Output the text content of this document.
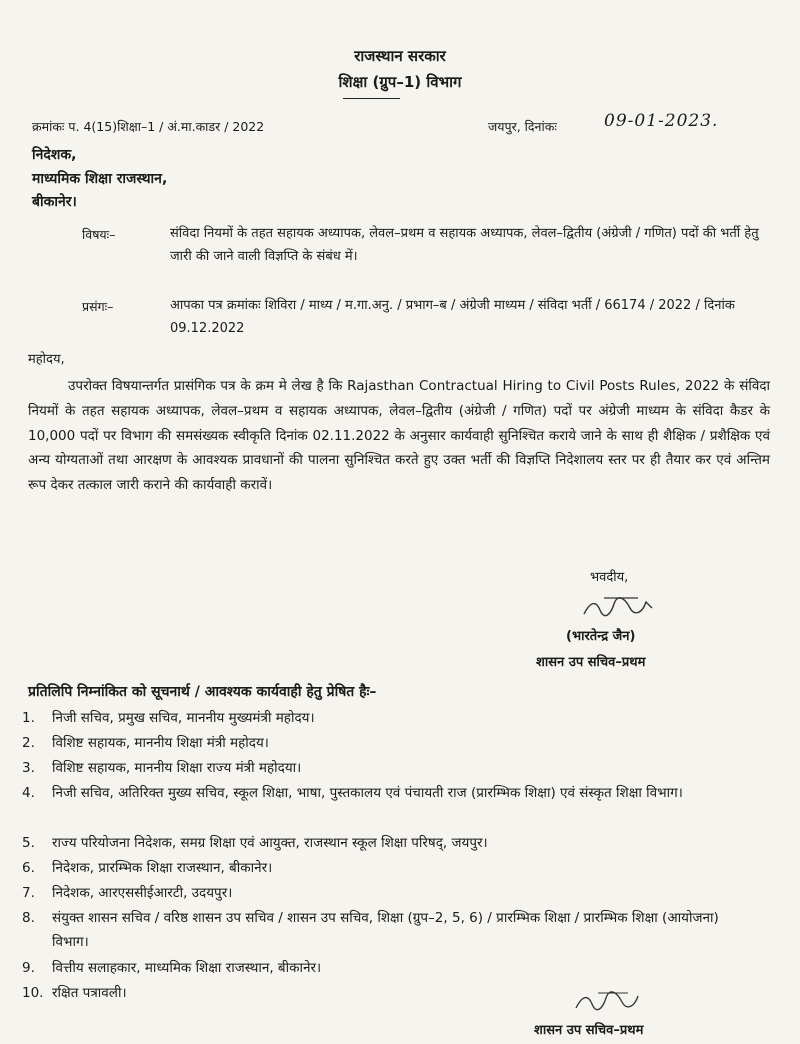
राजस्थान सरकार
शिक्षा (ग्रुप–1) विभाग
क्रमांकः प. 4(15)शिक्षा–1 / अं.मा.काडर / 2022	जयपुर, दिनांकः	09-01-2023.
निदेशक,
माध्यमिक शिक्षा राजस्थान,
बीकानेर।
विषयः–	संविदा नियमों के तहत सहायक अध्यापक, लेवल–प्रथम व सहायक अध्यापक, लेवल–द्वितीय (अंग्रेजी / गणित) पदों की भर्ती हेतु जारी की जाने वाली विज्ञप्ति के संबंध में।
प्रसंगः–	आपका पत्र क्रमांकः शिविरा / माध्य / म.गा.अनु. / प्रभाग–ब / अंग्रेजी माध्यम / संविदा भर्ती / 66174 / 2022 / दिनांक 09.12.2022
महोदय,
उपरोक्त विषयान्तर्गत प्रासंगिक पत्र के क्रम मे लेख है कि Rajasthan Contractual Hiring to Civil Posts Rules, 2022 के संविदा नियमों के तहत सहायक अध्यापक, लेवल–प्रथम व सहायक अध्यापक, लेवल–द्वितीय (अंग्रेजी / गणित) पदों पर अंग्रेजी माध्यम के संविदा कैडर के 10,000 पदों पर विभाग की समसंख्यक स्वीकृति दिनांक 02.11.2022 के अनुसार कार्यवाही सुनिश्चित कराये जाने के साथ ही शैक्षिक / प्रशैक्षिक एवं अन्य योग्यताओं तथा आरक्षण के आवश्यक प्रावधानों की पालना सुनिश्चित करते हुए उक्त भर्ती की विज्ञप्ति निदेशालय स्तर पर ही तैयार कर एवं अन्तिम रूप देकर तत्काल जारी कराने की कार्यवाही करावें।
भवदीय,
(भारतेन्द्र जैन)
शासन उप सचिव–प्रथम
प्रतिलिपि निम्नांकित को सूचनार्थ / आवश्यक कार्यवाही हेतु प्रेषित हैः–
1.	निजी सचिव, प्रमुख सचिव, माननीय मुख्यमंत्री महोदय।
2.	विशिष्ट सहायक, माननीय शिक्षा मंत्री महोदय।
3.	विशिष्ट सहायक, माननीय शिक्षा राज्य मंत्री महोदया।
4.	निजी सचिव, अतिरिक्त मुख्य सचिव, स्कूल शिक्षा, भाषा, पुस्तकालय एवं पंचायती राज (प्रारम्भिक शिक्षा) एवं संस्कृत शिक्षा विभाग।
5.	राज्य परियोजना निदेशक, समग्र शिक्षा एवं आयुक्त, राजस्थान स्कूल शिक्षा परिषद्, जयपुर।
6.	निदेशक, प्रारम्भिक शिक्षा राजस्थान, बीकानेर।
7.	निदेशक, आरएससीईआरटी, उदयपुर।
8.	संयुक्त शासन सचिव / वरिष्ठ शासन उप सचिव / शासन उप सचिव, शिक्षा (ग्रुप–2, 5, 6) / प्रारम्भिक शिक्षा / प्रारम्भिक शिक्षा (आयोजना) विभाग।
9.	वित्तीय सलाहकार, माध्यमिक शिक्षा राजस्थान, बीकानेर।
10. रक्षित पत्रावली।
शासन उप सचिव–प्रथम
